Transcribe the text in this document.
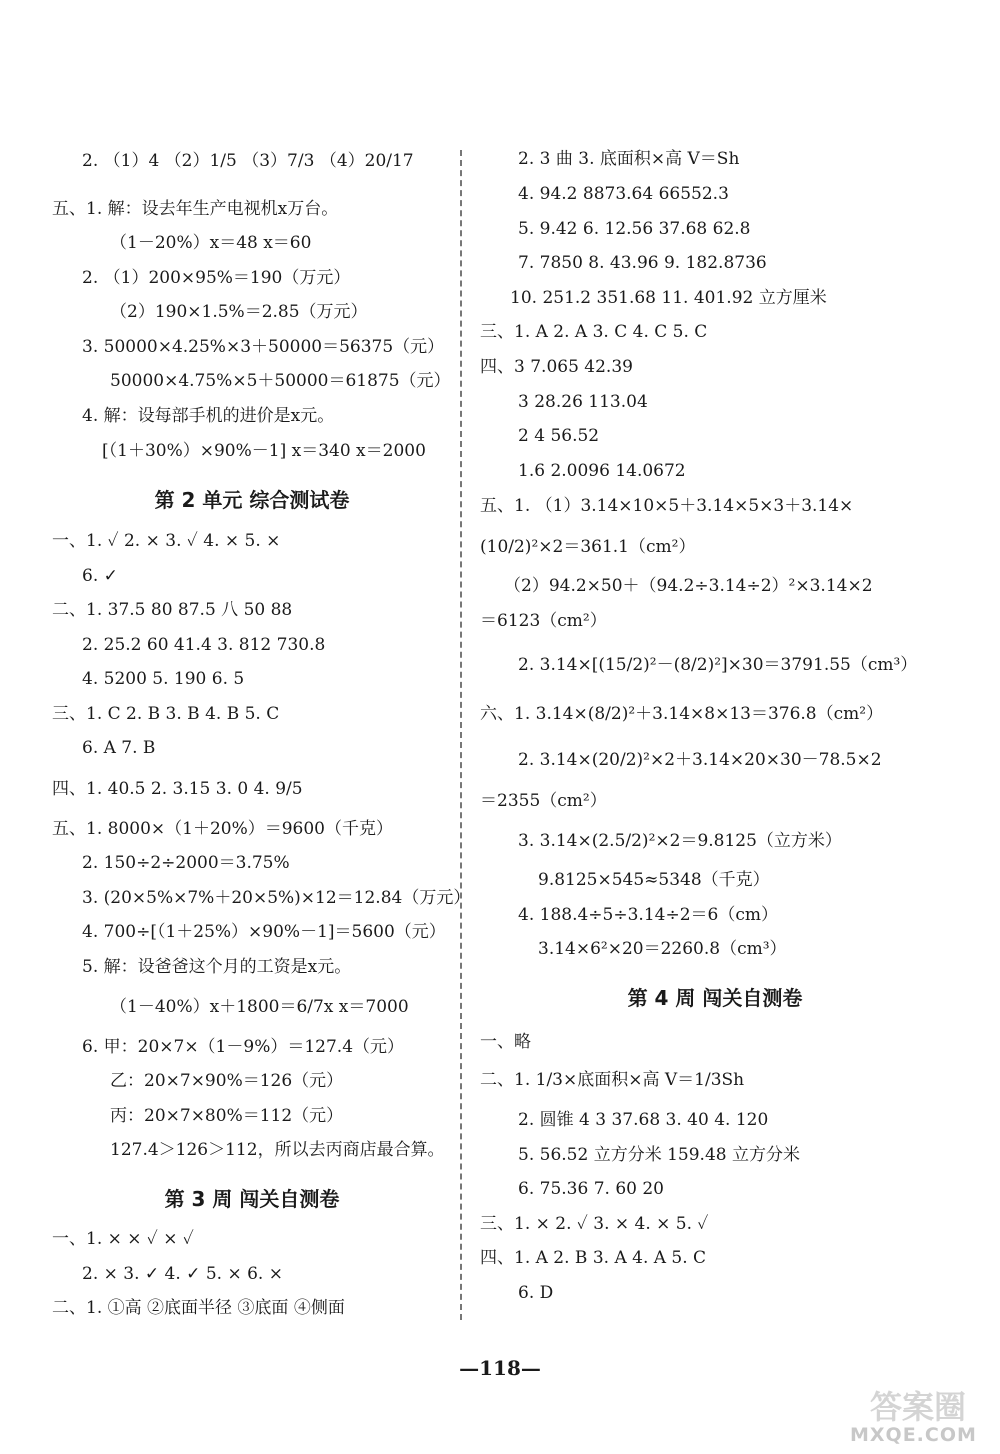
2. （1）4 （2）1/5 （3）7/3 （4）20/17
五、1. 解：设去年生产电视机x万台。
（1－20%）x＝48 x＝60
2. （1）200×95%＝190（万元）
（2）190×1.5%＝2.85（万元）
3. 50000×4.25%×3＋50000＝56375（元）
50000×4.75%×5＋50000＝61875（元）
4. 解：设每部手机的进价是x元。
[（1＋30%）×90%－1] x＝340 x＝2000
第 2 单元 综合测试卷
一、1. ✓ 2. × 3. ✓ 4. × 5. ×
6. ✓
二、1. 37.5 80 87.5 八 50 88
2. 25.2 60 41.4 3. 812 730.8
4. 5200 5. 190 6. 5
三、1. C 2. B 3. B 4. B 5. C
6. A 7. B
四、1. 40.5 2. 3.15 3. 0 4. 9/5
五、1. 8000×（1＋20%）＝9600（千克）
2. 150÷2÷2000＝3.75%
3. (20×5%×7%＋20×5%)×12＝12.84（万元）
4. 700÷[（1＋25%）×90%－1]＝5600（元）
5. 解：设爸爸这个月的工资是x元。
（1－40%）x＋1800＝6/7x x＝7000
6. 甲：20×7×（1－9%）＝127.4（元）
乙：20×7×90%＝126（元）
丙：20×7×80%＝112（元）
127.4＞126＞112，所以去丙商店最合算。
第 3 周 闯关自测卷
一、1. × × ✓ × ✓
2. × 3. ✓ 4. ✓ 5. × 6. ×
二、1. ①高 ②底面半径 ③底面 ④侧面
2. 3 曲 3. 底面积×高 V＝Sh
4. 94.2 8873.64 66552.3
5. 9.42 6. 12.56 37.68 62.8
7. 7850 8. 43.96 9. 182.8736
10. 251.2 351.68 11. 401.92 立方厘米
三、1. A 2. A 3. C 4. C 5. C
四、3 7.065 42.39
3 28.26 113.04
2 4 56.52
1.6 2.0096 14.0672
五、1. （1）3.14×10×5＋3.14×5×3＋3.14×
(10/2)²×2＝361.1（cm²）
（2）94.2×50＋（94.2÷3.14÷2）²×3.14×2
＝6123（cm²）
2. 3.14×[(15/2)²－(8/2)²]×30＝3791.55（cm³）
六、1. 3.14×(8/2)²＋3.14×8×13＝376.8（cm²）
2. 3.14×(20/2)²×2＋3.14×20×30－78.5×2
＝2355（cm²）
3. 3.14×(2.5/2)²×2＝9.8125（立方米）
9.8125×545≈5348（千克）
4. 188.4÷5÷3.14÷2＝6（cm）
3.14×6²×20＝2260.8（cm³）
第 4 周 闯关自测卷
一、略
二、1. 1/3×底面积×高 V＝1/3Sh
2. 圆锥 4 3 37.68 3. 40 4. 120
5. 56.52 立方分米 159.48 立方分米
6. 75.36 7. 60 20
三、1. × 2. ✓ 3. × 4. × 5. ✓
四、1. A 2. B 3. A 4. A 5. C
6. D
—118—
答案圈
MXQE.COM
